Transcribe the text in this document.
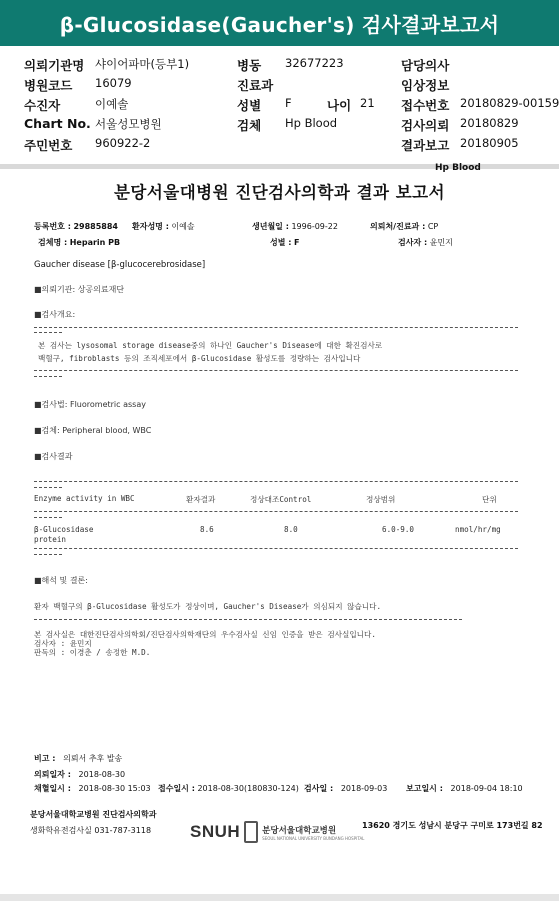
β-Glucosidase(Gaucher's) 검사결과보고서
의뢰기관명 샤이어파마(등부1)	병동 32677223	담당의사
병원코드 16079	진료과	임상정보
수진자	이예솔	성별 F	나이 21 접수번호 20180829-00159
Chart No. 서울성모병원	검체 Hp Blood	검사의뢰 20180829
주민번호 960922-2	결과보고 20180905
Hp Blood
분당서울대병원 진단검사의학과 결과 보고서
등록번호 : 29885884 환자성명 : 이예솔	생년월일 : 1996-09-22	의뢰처/진료과 : CP
검체명 : Heparin PB	성별 : F	검사자 : 윤민지
Gaucher disease [β-glucocerebrosidase]
■의뢰기관: 상공의료재단
■검사개요:
본 검사는 lysosomal storage disease중의 하나인 Gaucher's Disease에 대한 확진검사로
백혈구, fibroblasts 등의 조직세포에서 β-Glucosidase 활성도를 정량하는 검사입니다
■검사법: Fluorometric assay
■검체: Peripheral blood, WBC
■검사결과
Enzyme activity in WBC	환자결과	정상대조Control	정상범위	단위
β-Glucosidase
protein
8.6	8.0	6.0-9.0	nmol/hr/mg
■해석 및 결론:
환자 백혈구의 β-Glucosidase 활성도가 정상이며, Gaucher's Disease가 의심되지 않습니다.
본 검사실은 대한진단검사의학회/진단검사의학재단의 우수검사실 신임 인증을 받은 검사실입니다.
검사자 : 윤민지
판독의 : 이경춘 / 송정한 M.D.
비고 : 의뢰서 추후 발송
의뢰일자 : 2018-08-30
채혈일시 : 2018-08-30 15:03 접수일시 : 2018-08-30(180830-124) 검사일 : 2018-09-03 보고일시 : 2018-09-04 18:10
분당서울대학교병원 진단검사의학과
생화학유전검사실 031-787-3118 SNUH	분당서울대학교병원
SEOUL NATIONAL UNIVERSITY BUNDANG HOSPITAL
13620 경기도 성남시 분당구 구미로 173번길 82
